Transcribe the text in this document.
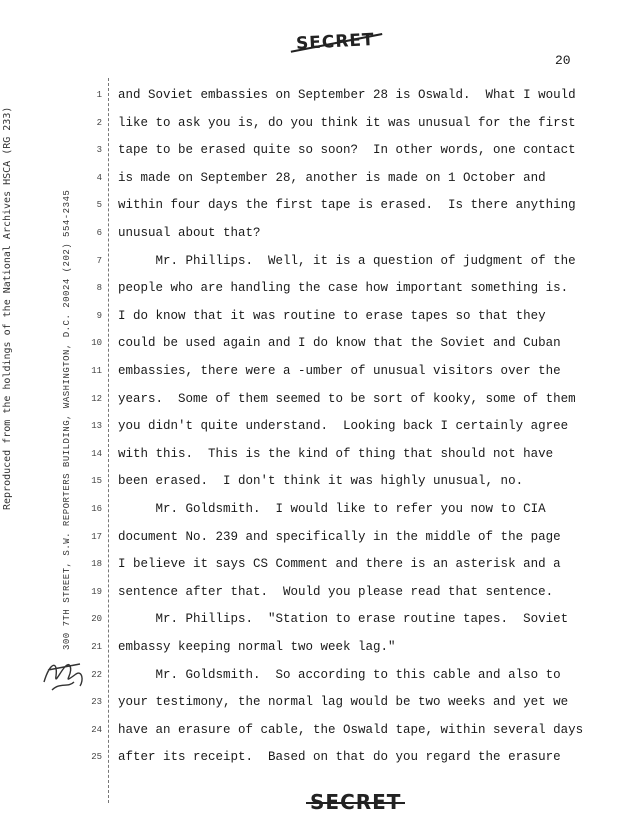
SECRET
20
Reproduced from the holdings of the National Archives HSCA (RG 233)	300 7TH STREET, S.W. REPORTERS BUILDING, WASHINGTON, D.C. 20024 (202) 554-2345
1 and Soviet embassies on September 28 is Oswald.  What I would
2 like to ask you is, do you think it was unusual for the first
3 tape to be erased quite so soon?  In other words, one contact
4 is made on September 28, another is made on 1 October and
5 within four days the first tape is erased.  Is there anything
6 unusual about that?
7 Mr. Phillips.  Well, it is a question of judgment of the
8 people who are handling the case how important something is.
9 I do know that it was routine to erase tapes so that they
10 could be used again and I do know that the Soviet and Cuban
11 embassies, there were a -umber of unusual visitors over the
12 years.  Some of them seemed to be sort of kooky, some of them
13 you didn't quite understand.  Looking back I certainly agree
14 with this.  This is the kind of thing that should not have
15 been erased.  I don't think it was highly unusual, no.
16 Mr. Goldsmith.  I would like to refer you now to CIA
17 document No. 239 and specifically in the middle of the page
18 I believe it says CS Comment and there is an asterisk and a
19 sentence after that.  Would you please read that sentence.
20 Mr. Phillips.  "Station to erase routine tapes.  Soviet
21 embassy keeping normal two week lag."
22 Mr. Goldsmith.  So according to this cable and also to
23 your testimony, the normal lag would be two weeks and yet we
24 have an erasure of cable, the Oswald tape, within several days
25 after its receipt.  Based on that do you regard the erasure
SECRET
